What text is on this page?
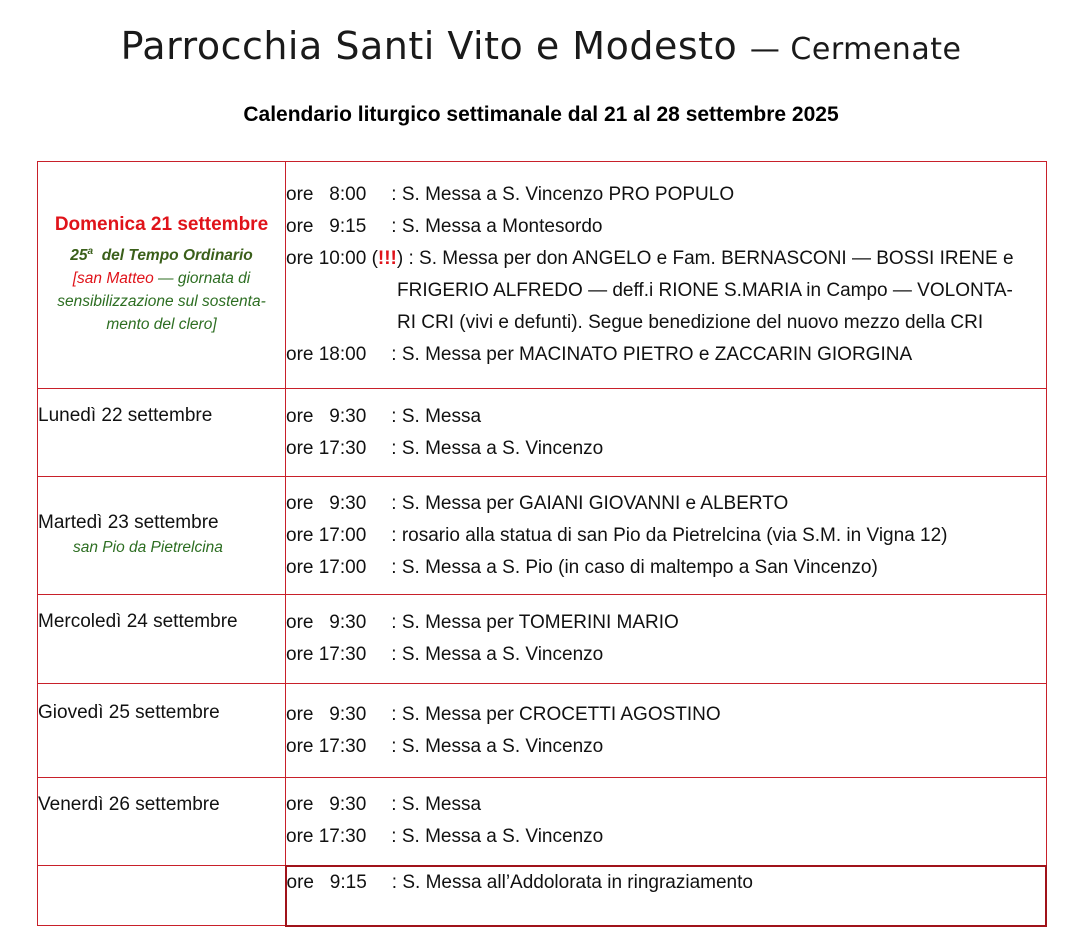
Parrocchia Santi Vito e Modesto — Cermenate
Calendario liturgico settimanale dal 21 al 28 settembre 2025
Domenica 21 settembre
25$^a$ del Tempo Ordinario
[san Matteo — giornata di sensibilizzazione sul sostenta-mento del clero]

ore   8:00 : S. Messa a S. Vincenzo PRO POPULO
ore   9:15 : S. Messa a Montesordo
ore 10:00 (!!!) : S. Messa per don ANGELO e Fam. BERNASCONI — BOSSI IRENE e
FRIGERIO ALFREDO — deff.i RIONE S.MARIA in Campo — VOLONTA-
RI CRI (vivi e defunti). Segue benedizione del nuovo mezzo della CRI
ore 18:00 : S. Messa per MACINATO PIETRO e ZACCARIN GIORGINA

Lunedì 22 settembre	ore   9:30 : S. Messa
ore 17:30 : S. Messa a S. Vincenzo

Martedì 23 settembre
san Pio da Pietrelcina

ore   9:30 : S. Messa per GAIANI GIOVANNI e ALBERTO
ore 17:00 : rosario alla statua di san Pio da Pietrelcina (via S.M. in Vigna 12)
ore 17:00 : S. Messa a S. Pio (in caso di maltempo a San Vincenzo)

Mercoledì 24 settembre	ore   9:30 : S. Messa per TOMERINI MARIO
ore 17:30 : S. Messa a S. Vincenzo

Giovedì 25 settembre	ore   9:30 : S. Messa per CROCETTI AGOSTINO
ore 17:30 : S. Messa a S. Vincenzo

Venerdì 26 settembre	ore   9:30 : S. Messa
ore 17:30 : S. Messa a S. Vincenzo

	ore   9:15 : S. Messa all’Addolorata in ringraziamento
